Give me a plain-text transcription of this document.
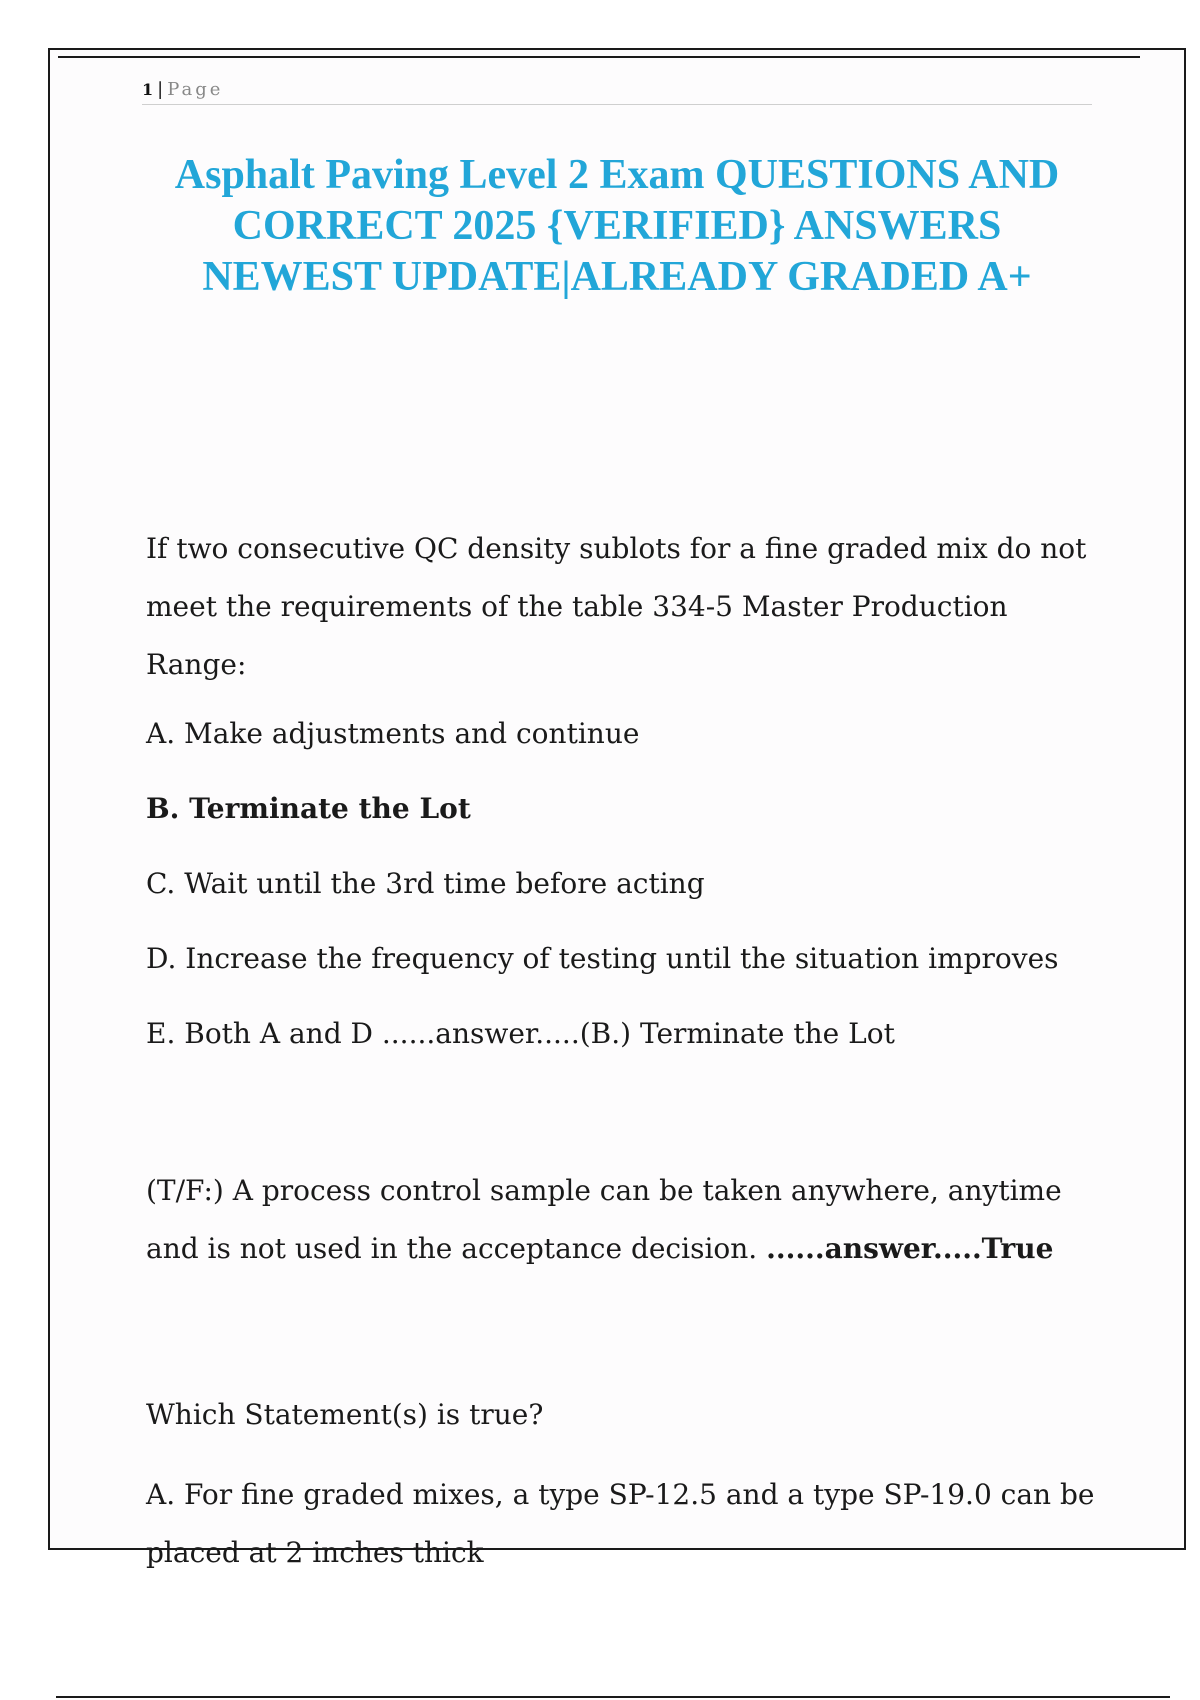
1 | Page
Asphalt Paving Level 2 Exam QUESTIONS AND
CORRECT 2025 {VERIFIED} ANSWERS
NEWEST UPDATE|ALREADY GRADED A+

If two consecutive QC density sublots for a fine graded mix do not
meet the requirements of the table 334-5 Master Production Range:

A. Make adjustments and continue

B. Terminate the Lot

C. Wait until the 3rd time before acting

D. Increase the frequency of testing until the situation improves

E. Both A and D ......answer.....(B.) Terminate the Lot

(T/F:) A process control sample can be taken anywhere, anytime
and is not used in the acceptance decision. ......answer.....True

Which Statement(s) is true?

A. For fine graded mixes, a type SP-12.5 and a type SP-19.0 can be
placed at 2 inches thick
